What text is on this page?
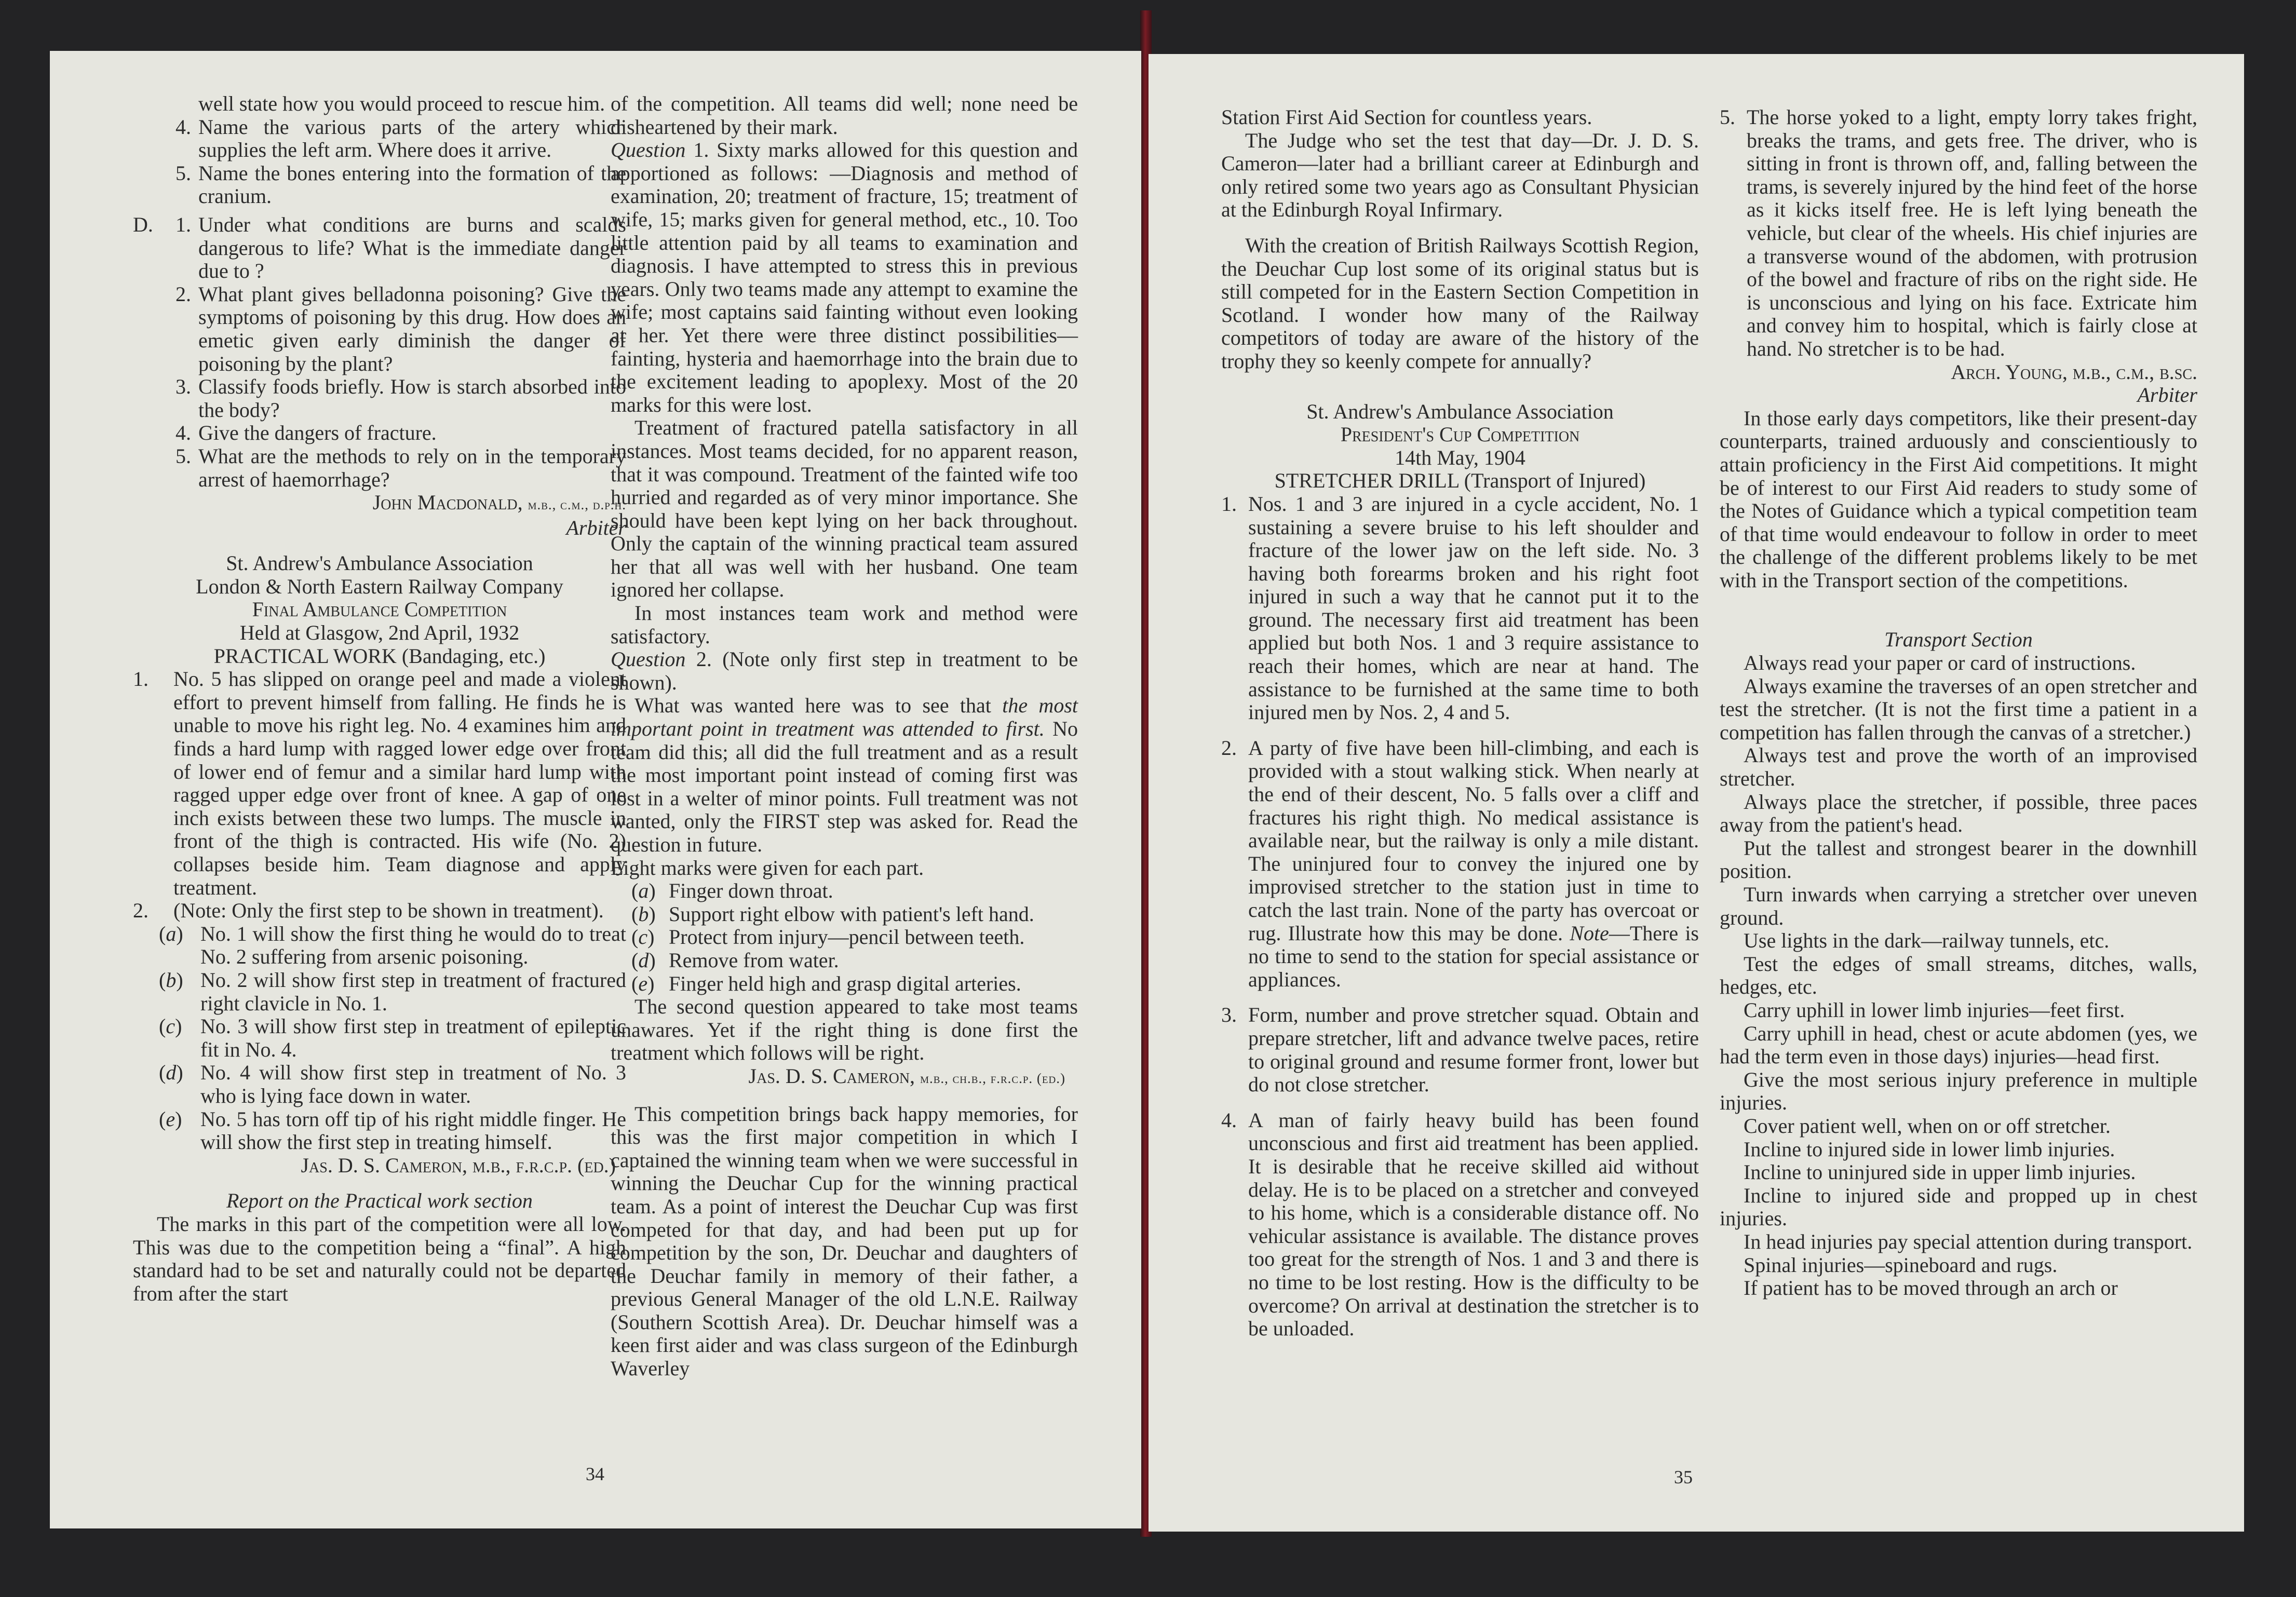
well state how you would proceed to rescue him.

4. Name the various parts of the artery which supplies the left arm. Where does it arrive.
5. Name the bones entering into the formation of the cranium.
D.	1. Under what conditions are burns and scalds dangerous to life? What is the immediate danger due to ?
2. What plant gives belladonna poisoning? Give the symptoms of poisoning by this drug. How does an emetic given early diminish the danger of poisoning by the plant?
3. Classify foods briefly. How is starch absorbed into the body?
4. Give the dangers of fracture.
5. What are the methods to rely on in the temporary arrest of haemorrhage?

John Macdonald, m.b., c.m., d.p.h.

Arbiter

St. Andrew's Ambulance Association

London & North Eastern Railway Company

Final Ambulance Competition

Held at Glasgow, 2nd April, 1932

PRACTICAL WORK (Bandaging, etc.)

1. No. 5 has slipped on orange peel and made a violent effort to prevent himself from falling. He finds he is unable to move his right leg. No. 4 examines him and finds a hard lump with ragged lower edge over front of lower end of femur and a similar hard lump with ragged upper edge over front of knee. A gap of one inch exists between these two lumps. The muscle in front of the thigh is contracted. His wife (No. 2) collapses beside him. Team diagnose and apply treatment.
2. (Note: Only the first step to be shown in treatment).
(a) No. 1 will show the first thing he would do to treat No. 2 suffering from arsenic poisoning.
(b) No. 2 will show first step in treatment of fractured right clavicle in No. 1.
(c) No. 3 will show first step in treatment of epileptic fit in No. 4.
(d) No. 4 will show first step in treatment of No. 3 who is lying face down in water.
(e) No. 5 has torn off tip of his right middle finger. He will show the first step in treating himself.

Jas. D. S. Cameron, m.b., f.r.c.p. (ed.)

Report on the Practical work section

The marks in this part of the competition were all low. This was due to the competition being a “final”. A high standard had to be set and naturally could not be departed from after the start

of the competition. All teams did well; none need be disheartened by their mark.

Question 1. Sixty marks allowed for this question and apportioned as follows: —Diagnosis and method of examination, 20; treatment of fracture, 15; treatment of wife, 15; marks given for general method, etc., 10. Too little attention paid by all teams to examination and diagnosis. I have attempted to stress this in previous years. Only two teams made any attempt to examine the wife; most captains said fainting without even looking at her. Yet there were three distinct possibilities—fainting, hysteria and haemorrhage into the brain due to the excitement leading to apoplexy. Most of the 20 marks for this were lost.

Treatment of fractured patella satisfactory in all instances. Most teams decided, for no apparent reason, that it was compound. Treatment of the fainted wife too hurried and regarded as of very minor importance. She should have been kept lying on her back throughout. Only the captain of the winning practical team assured her that all was well with her husband. One team ignored her collapse.

In most instances team work and method were satisfactory.

Question 2. (Note only first step in treatment to be shown).

What was wanted here was to see that the most important point in treatment was attended to first. No team did this; all did the full treatment and as a result the most important point instead of coming first was lost in a welter of minor points. Full treatment was not wanted, only the FIRST step was asked for. Read the question in future.

Eight marks were given for each part.

(a) Finger down throat.
(b) Support right elbow with patient's left hand.
(c) Protect from injury—pencil between teeth.
(d) Remove from water.
(e) Finger held high and grasp digital arteries.

The second question appeared to take most teams unawares. Yet if the right thing is done first the treatment which follows will be right.

Jas. D. S. Cameron, m.b., ch.b., f.r.c.p. (ed.)

This competition brings back happy memories, for this was the first major competition in which I captained the winning team when we were successful in winning the Deuchar Cup for the winning practical team. As a point of interest the Deuchar Cup was first competed for that day, and had been put up for competition by the son, Dr. Deuchar and daughters of the Deuchar family in memory of their father, a previous General Manager of the old L.N.E. Railway (Southern Scottish Area). Dr. Deuchar himself was a keen first aider and was class surgeon of the Edinburgh Waverley

34

Station First Aid Section for countless years.

The Judge who set the test that day—Dr. J. D. S. Cameron—later had a brilliant career at Edinburgh and only retired some two years ago as Consultant Physician at the Edinburgh Royal Infirmary.

With the creation of British Railways Scottish Region, the Deuchar Cup lost some of its original status but is still competed for in the Eastern Section Competition in Scotland. I wonder how many of the Railway competitors of today are aware of the history of the trophy they so keenly compete for annually?

St. Andrew's Ambulance Association

President's Cup Competition

14th May, 1904

STRETCHER DRILL (Transport of Injured)

1. Nos. 1 and 3 are injured in a cycle accident, No. 1 sustaining a severe bruise to his left shoulder and fracture of the lower jaw on the left side. No. 3 having both forearms broken and his right foot injured in such a way that he cannot put it to the ground. The necessary first aid treatment has been applied but both Nos. 1 and 3 require assistance to reach their homes, which are near at hand. The assistance to be furnished at the same time to both injured men by Nos. 2, 4 and 5.
2. A party of five have been hill-climbing, and each is provided with a stout walking stick. When nearly at the end of their descent, No. 5 falls over a cliff and fractures his right thigh. No medical assistance is available near, but the railway is only a mile distant. The uninjured four to convey the injured one by improvised stretcher to the station just in time to catch the last train. None of the party has overcoat or rug. Illustrate how this may be done. Note—There is no time to send to the station for special assistance or appliances.
3. Form, number and prove stretcher squad. Obtain and prepare stretcher, lift and advance twelve paces, retire to original ground and resume former front, lower but do not close stretcher.
4. A man of fairly heavy build has been found unconscious and first aid treatment has been applied. It is desirable that he receive skilled aid without delay. He is to be placed on a stretcher and conveyed to his home, which is a considerable distance off. No vehicular assistance is available. The distance proves too great for the strength of Nos. 1 and 3 and there is no time to be lost resting. How is the difficulty to be overcome? On arrival at destination the stretcher is to be unloaded.
5. The horse yoked to a light, empty lorry takes fright, breaks the trams, and gets free. The driver, who is sitting in front is thrown off, and, falling between the trams, is severely injured by the hind feet of the horse as it kicks itself free. He is left lying beneath the vehicle, but clear of the wheels. His chief injuries are a transverse wound of the abdomen, with protrusion of the bowel and fracture of ribs on the right side. He is unconscious and lying on his face. Extricate him and convey him to hospital, which is fairly close at hand. No stretcher is to be had.

Arch. Young, m.b., c.m., b.sc.

Arbiter

In those early days competitors, like their present-day counterparts, trained arduously and conscientiously to attain proficiency in the First Aid competitions. It might be of interest to our First Aid readers to study some of the Notes of Guidance which a typical competition team of that time would endeavour to follow in order to meet the challenge of the different problems likely to be met with in the Transport section of the competitions.

Transport Section

Always read your paper or card of instructions.

Always examine the traverses of an open stretcher and test the stretcher. (It is not the first time a patient in a competition has fallen through the canvas of a stretcher.)

Always test and prove the worth of an improvised stretcher.

Always place the stretcher, if possible, three paces away from the patient's head.

Put the tallest and strongest bearer in the downhill position.

Turn inwards when carrying a stretcher over uneven ground.

Use lights in the dark—railway tunnels, etc.

Test the edges of small streams, ditches, walls, hedges, etc.

Carry uphill in lower limb injuries—feet first.

Carry uphill in head, chest or acute abdomen (yes, we had the term even in those days) injuries—head first.

Give the most serious injury preference in multiple injuries.

Cover patient well, when on or off stretcher.

Incline to injured side in lower limb injuries.

Incline to uninjured side in upper limb injuries.

Incline to injured side and propped up in chest injuries.

In head injuries pay special attention during transport.

Spinal injuries—spineboard and rugs.

If patient has to be moved through an arch or

35
